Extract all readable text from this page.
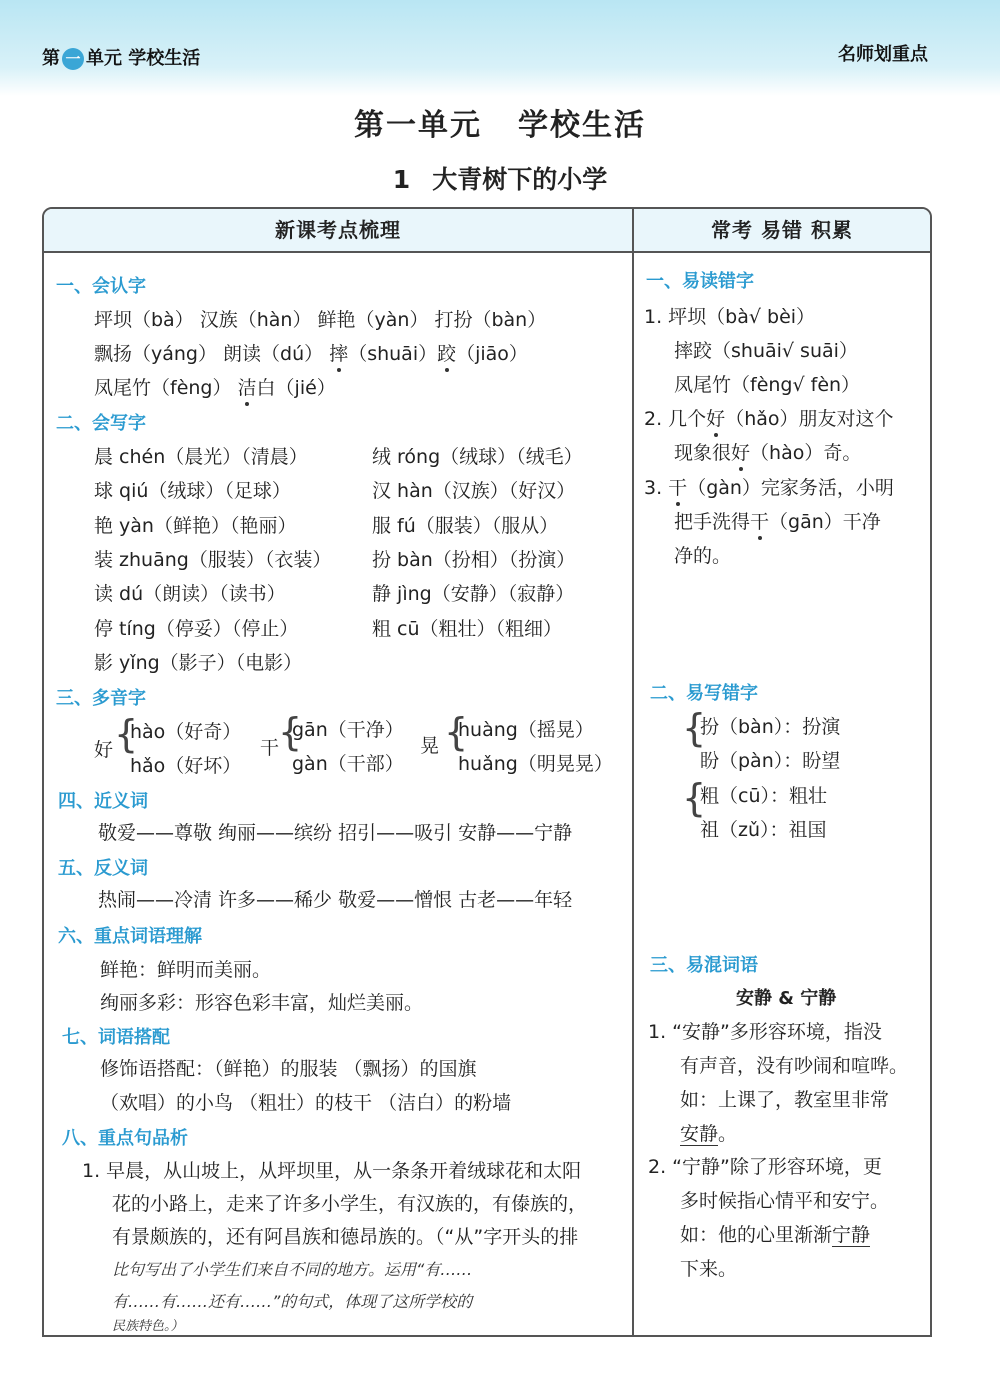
第 一 单元 学校生活	名师划重点
第一单元 学校生活
1 大青树下的小学
新课考点梳理	常考 易错 积累
一、会认字
坪坝（bà） 汉族（hàn） 鲜艳（yàn） 打扮（bàn）
飘扬（yáng） 朗读（dú） 摔（shuāi）跤（jiāo）
凤尾竹（fèng） 洁白（jié）
二、会写字
晨 chén（晨光）（清晨）	绒 róng（绒球）（绒毛）
球 qiú（绒球）（足球）	汉 hàn（汉族）（好汉）
艳 yàn（鲜艳）（艳丽）	服 fú（服装）（服从）
装 zhuāng（服装）（衣装） 扮 bàn（扮相）（扮演）
读 dú（朗读）（读书）	静 jìng（安静）（寂静）
停 tíng（停妥）（停止）	粗 cū（粗壮）（粗细）
影 yǐng（影子）（电影）
三、多音字
好 {
hào（好奇）
hǎo（好坏）
干
{
gān（干净）
gàn（干部）
晃 {
huàng（摇晃）
huǎng（明晃晃）
四、近义词
敬爱——尊敬 绚丽——缤纷 招引——吸引 安静——宁静
五、反义词
热闹——冷清 许多——稀少 敬爱——憎恨 古老——年轻
六、重点词语理解
鲜艳：鲜明而美丽。
绚丽多彩：形容色彩丰富，灿烂美丽。
七、词语搭配
修饰语搭配：（鲜艳）的服装 （飘扬）的国旗
（欢唱）的小鸟 （粗壮）的枝干 （洁白）的粉墙
八、重点句品析
1. 早晨，从山坡上，从坪坝里，从一条条开着绒球花和太阳
花的小路上，走来了许多小学生，有汉族的，有傣族的，
有景颇族的，还有阿昌族和德昂族的。（“从”字开头的排
比句写出了小学生们来自不同的地方。运用“有……
有……有……还有……”的句式，体现了这所学校的
民族特色。）
一、易读错字
1. 坪坝（bà√ bèi）
摔跤（shuāi√ suāi）
凤尾竹（fèng√ fèn）
2. 几个好（hǎo）朋友对这个
现象很好（hào）奇。
3. 干（gàn）完家务活，小明
把手洗得干（gān）干净
净的。
二、易写错字
{
扮（bàn）：扮演
盼（pàn）：盼望
{
粗（cū）：粗壮
祖（zǔ）：祖国
三、易混词语
安静 & 宁静
1. “安静”多形容环境，指没
有声音，没有吵闹和喧哗。
如：上课了，教室里非常
安静。
2. “宁静”除了形容环境，更
多时候指心情平和安宁。
如：他的心里渐渐宁静
下来。
